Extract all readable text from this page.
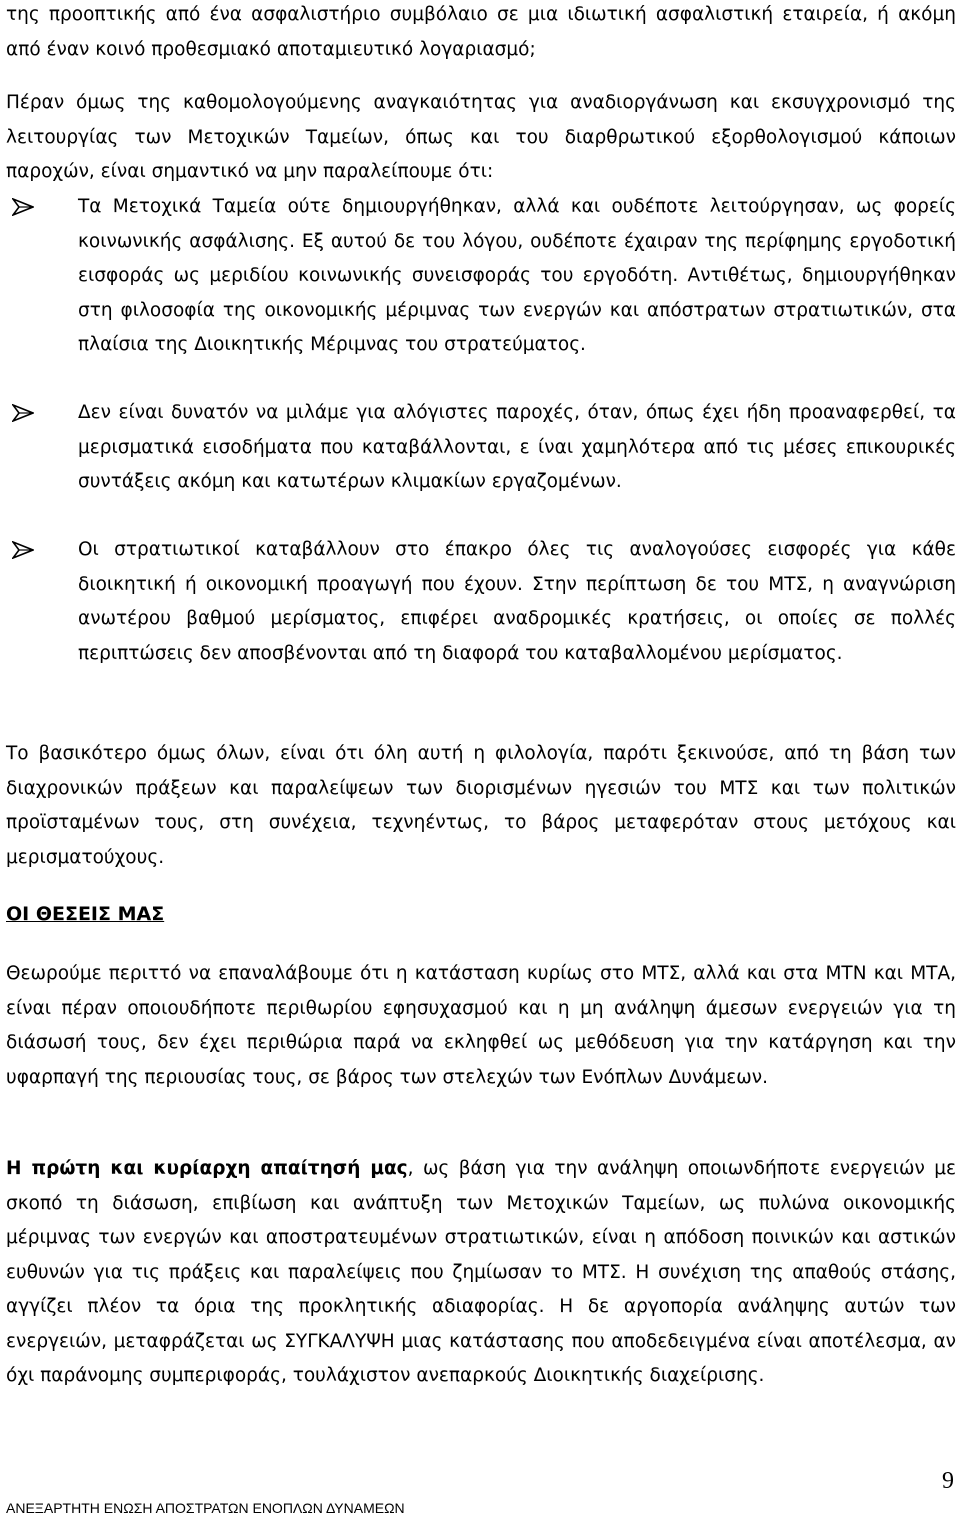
της προοπτικής από ένα ασφαλιστήριο συμβόλαιο σε μια ιδιωτική ασφαλιστική εταιρεία, ή ακόμη από έναν κοινό προθεσμιακό αποταμιευτικό λογαριασμό;

Πέραν όμως της καθομολογούμενης αναγκαιότητας για αναδιοργάνωση και εκσυγχρονισμό της λειτουργίας των Μετοχικών Ταμείων, όπως και του διαρθρωτικού εξορθολογισμού κάποιων παροχών, είναι σημαντικό να μην παραλείπουμε ότι:

Τα Μετοχικά Ταμεία ούτε δημιουργήθηκαν, αλλά και ουδέποτε λειτούργησαν, ως φορείς κοινωνικής ασφάλισης. Εξ αυτού δε του λόγου, ουδέποτε έχαιραν της περίφημης εργοδοτική εισφοράς ως μεριδίου κοινωνικής συνεισφοράς του εργοδότη. Αντιθέτως, δημιουργήθηκαν στη φιλοσοφία της οικονομικής μέριμνας των ενεργών και απόστρατων στρατιωτικών, στα πλαίσια της Διοικητικής Μέριμνας του στρατεύματος.
Δεν είναι δυνατόν να μιλάμε για αλόγιστες παροχές, όταν, όπως έχει ήδη προαναφερθεί, τα μερισματικά εισοδήματα που καταβάλλονται, ε ίναι χαμηλότερα από τις μέσες επικουρικές συντάξεις ακόμη και κατωτέρων κλιμακίων εργαζομένων.
Οι στρατιωτικοί καταβάλλουν στο έπακρο όλες τις αναλογούσες εισφορές για κάθε διοικητική ή οικονομική προαγωγή που έχουν. Στην περίπτωση δε του ΜΤΣ, η αναγνώριση ανωτέρου βαθμού μερίσματος, επιφέρει αναδρομικές κρατήσεις, οι οποίες σε πολλές περιπτώσεις δεν αποσβένονται από τη διαφορά του καταβαλλομένου μερίσματος.

Το βασικότερο όμως όλων, είναι ότι όλη αυτή η φιλολογία, παρότι ξεκινούσε, από τη βάση των διαχρονικών πράξεων και παραλείψεων των διορισμένων ηγεσιών του ΜΤΣ και των πολιτικών προϊσταμένων τους, στη συνέχεια, τεχνηέντως, το βάρος μεταφερόταν στους μετόχους και μερισματούχους.

ΟΙ ΘΕΣΕΙΣ ΜΑΣ

Θεωρούμε περιττό να επαναλάβουμε ότι η κατάσταση κυρίως στο ΜΤΣ, αλλά και στα ΜΤΝ και ΜΤΑ, είναι πέραν οποιουδήποτε περιθωρίου εφησυχασμού και η μη ανάληψη άμεσων ενεργειών για τη διάσωσή τους, δεν έχει περιθώρια παρά να εκληφθεί ως μεθόδευση για την κατάργηση και την υφαρπαγή της περιουσίας τους, σε βάρος των στελεχών των Ενόπλων Δυνάμεων.

Η πρώτη και κυρίαρχη απαίτησή μας, ως βάση για την ανάληψη οποιωνδήποτε ενεργειών με σκοπό τη διάσωση, επιβίωση και ανάπτυξη των Μετοχικών Ταμείων, ως πυλώνα οικονομικής μέριμνας των ενεργών και αποστρατευμένων στρατιωτικών, είναι η απόδοση ποινικών και αστικών ευθυνών για τις πράξεις και παραλείψεις που ζημίωσαν το ΜΤΣ. Η συνέχιση της απαθούς στάσης, αγγίζει πλέον τα όρια της προκλητικής αδιαφορίας. Η δε αργοπορία ανάληψης αυτών των ενεργειών, μεταφράζεται ως ΣΥΓΚΑΛΥΨΗ μιας κατάστασης που αποδεδειγμένα είναι αποτέλεσμα, αν όχι παράνομης συμπεριφοράς, τουλάχιστον ανεπαρκούς Διοικητικής διαχείρισης.

9
ΑΝΕΞΑΡΤΗΤΗ ΕΝΩΣΗ ΑΠΟΣΤΡΑΤΩΝ ΕΝΟΠΛΩΝ ΔΥΝΑΜΕΩΝ
